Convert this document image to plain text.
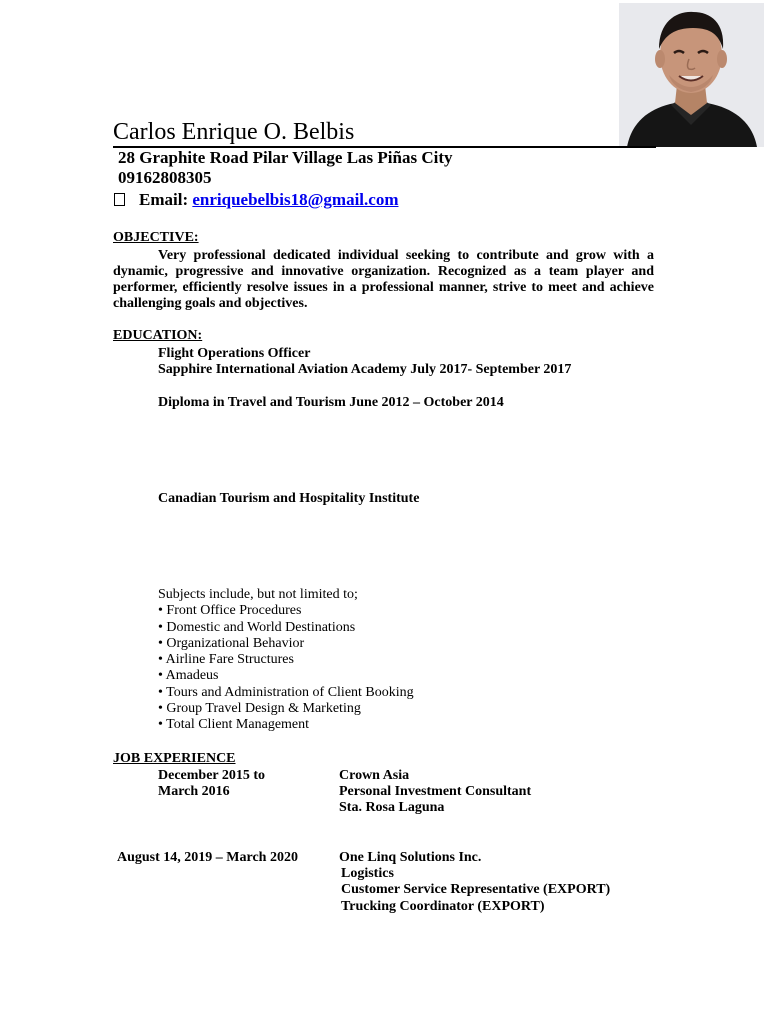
Carlos Enrique O. Belbis
28 Graphite Road Pilar Village Las Piñas City
09162808305
Email: enriquebelbis18@gmail.com
OBJECTIVE:

Very professional dedicated individual seeking to contribute and grow with a dynamic, progressive and innovative organization. Recognized as a team player and performer, efficiently resolve issues in a professional manner, strive to meet and achieve challenging goals and objectives.

EDUCATION:
Flight Operations Officer
Sapphire International Aviation Academy July 2017- September 2017
Diploma in Travel and Tourism June 2012 – October 2014
Canadian Tourism and Hospitality Institute
Subjects include, but not limited to;
• Front Office Procedures
• Domestic and World Destinations
• Organizational Behavior
• Airline Fare Structures
• Amadeus
• Tours and Administration of Client Booking
• Group Travel Design & Marketing
• Total Client Management
JOB EXPERIENCE
December 2015 to
March 2016
Crown Asia
Personal Investment Consultant
Sta. Rosa Laguna
August 14, 2019 – March 2020	One Linq Solutions Inc.
Logistics
Customer Service Representative (EXPORT)
Trucking Coordinator (EXPORT)
